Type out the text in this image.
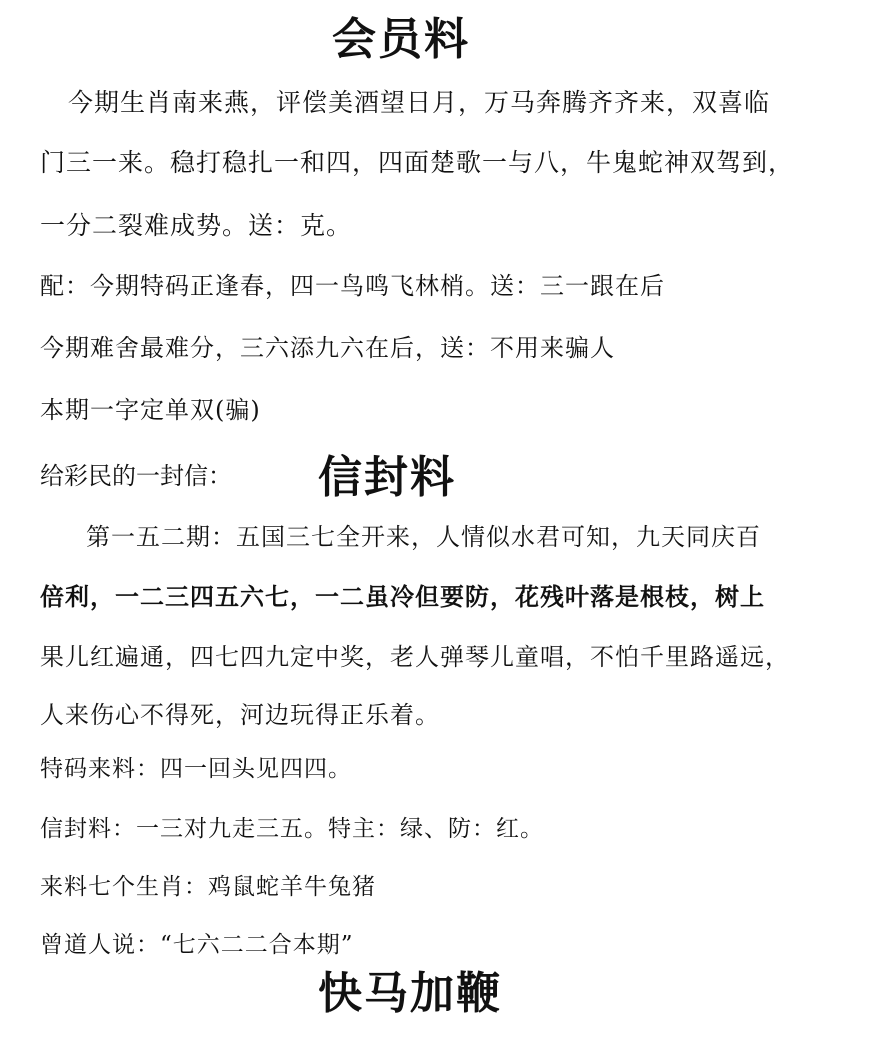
会员料
今期生肖南来燕，评偿美酒望日月，万马奔腾齐齐来，双喜临
门三一来。稳打稳扎一和四，四面楚歌一与八，牛鬼蛇神双驾到，
一分二裂难成势。送：克。
配：今期特码正逢春，四一鸟鸣飞林梢。送：三一跟在后
今期难舍最难分，三六添九六在后，送：不用来骗人
本期一字定单双(骗)
给彩民的一封信： 信封料
第一五二期：五国三七全开来，人情似水君可知，九天同庆百
倍利，一二三四五六七，一二虽冷但要防，花残叶落是根枝，树上
果儿红遍通，四七四九定中奖，老人弹琴儿童唱，不怕千里路遥远，
人来伤心不得死，河边玩得正乐着。
特码来料：四一回头见四四。
信封料：一三对九走三五。特主：绿、防：红。
来料七个生肖：鸡鼠蛇羊牛兔猪
曾道人说：“七六二二合本期”
快马加鞭
